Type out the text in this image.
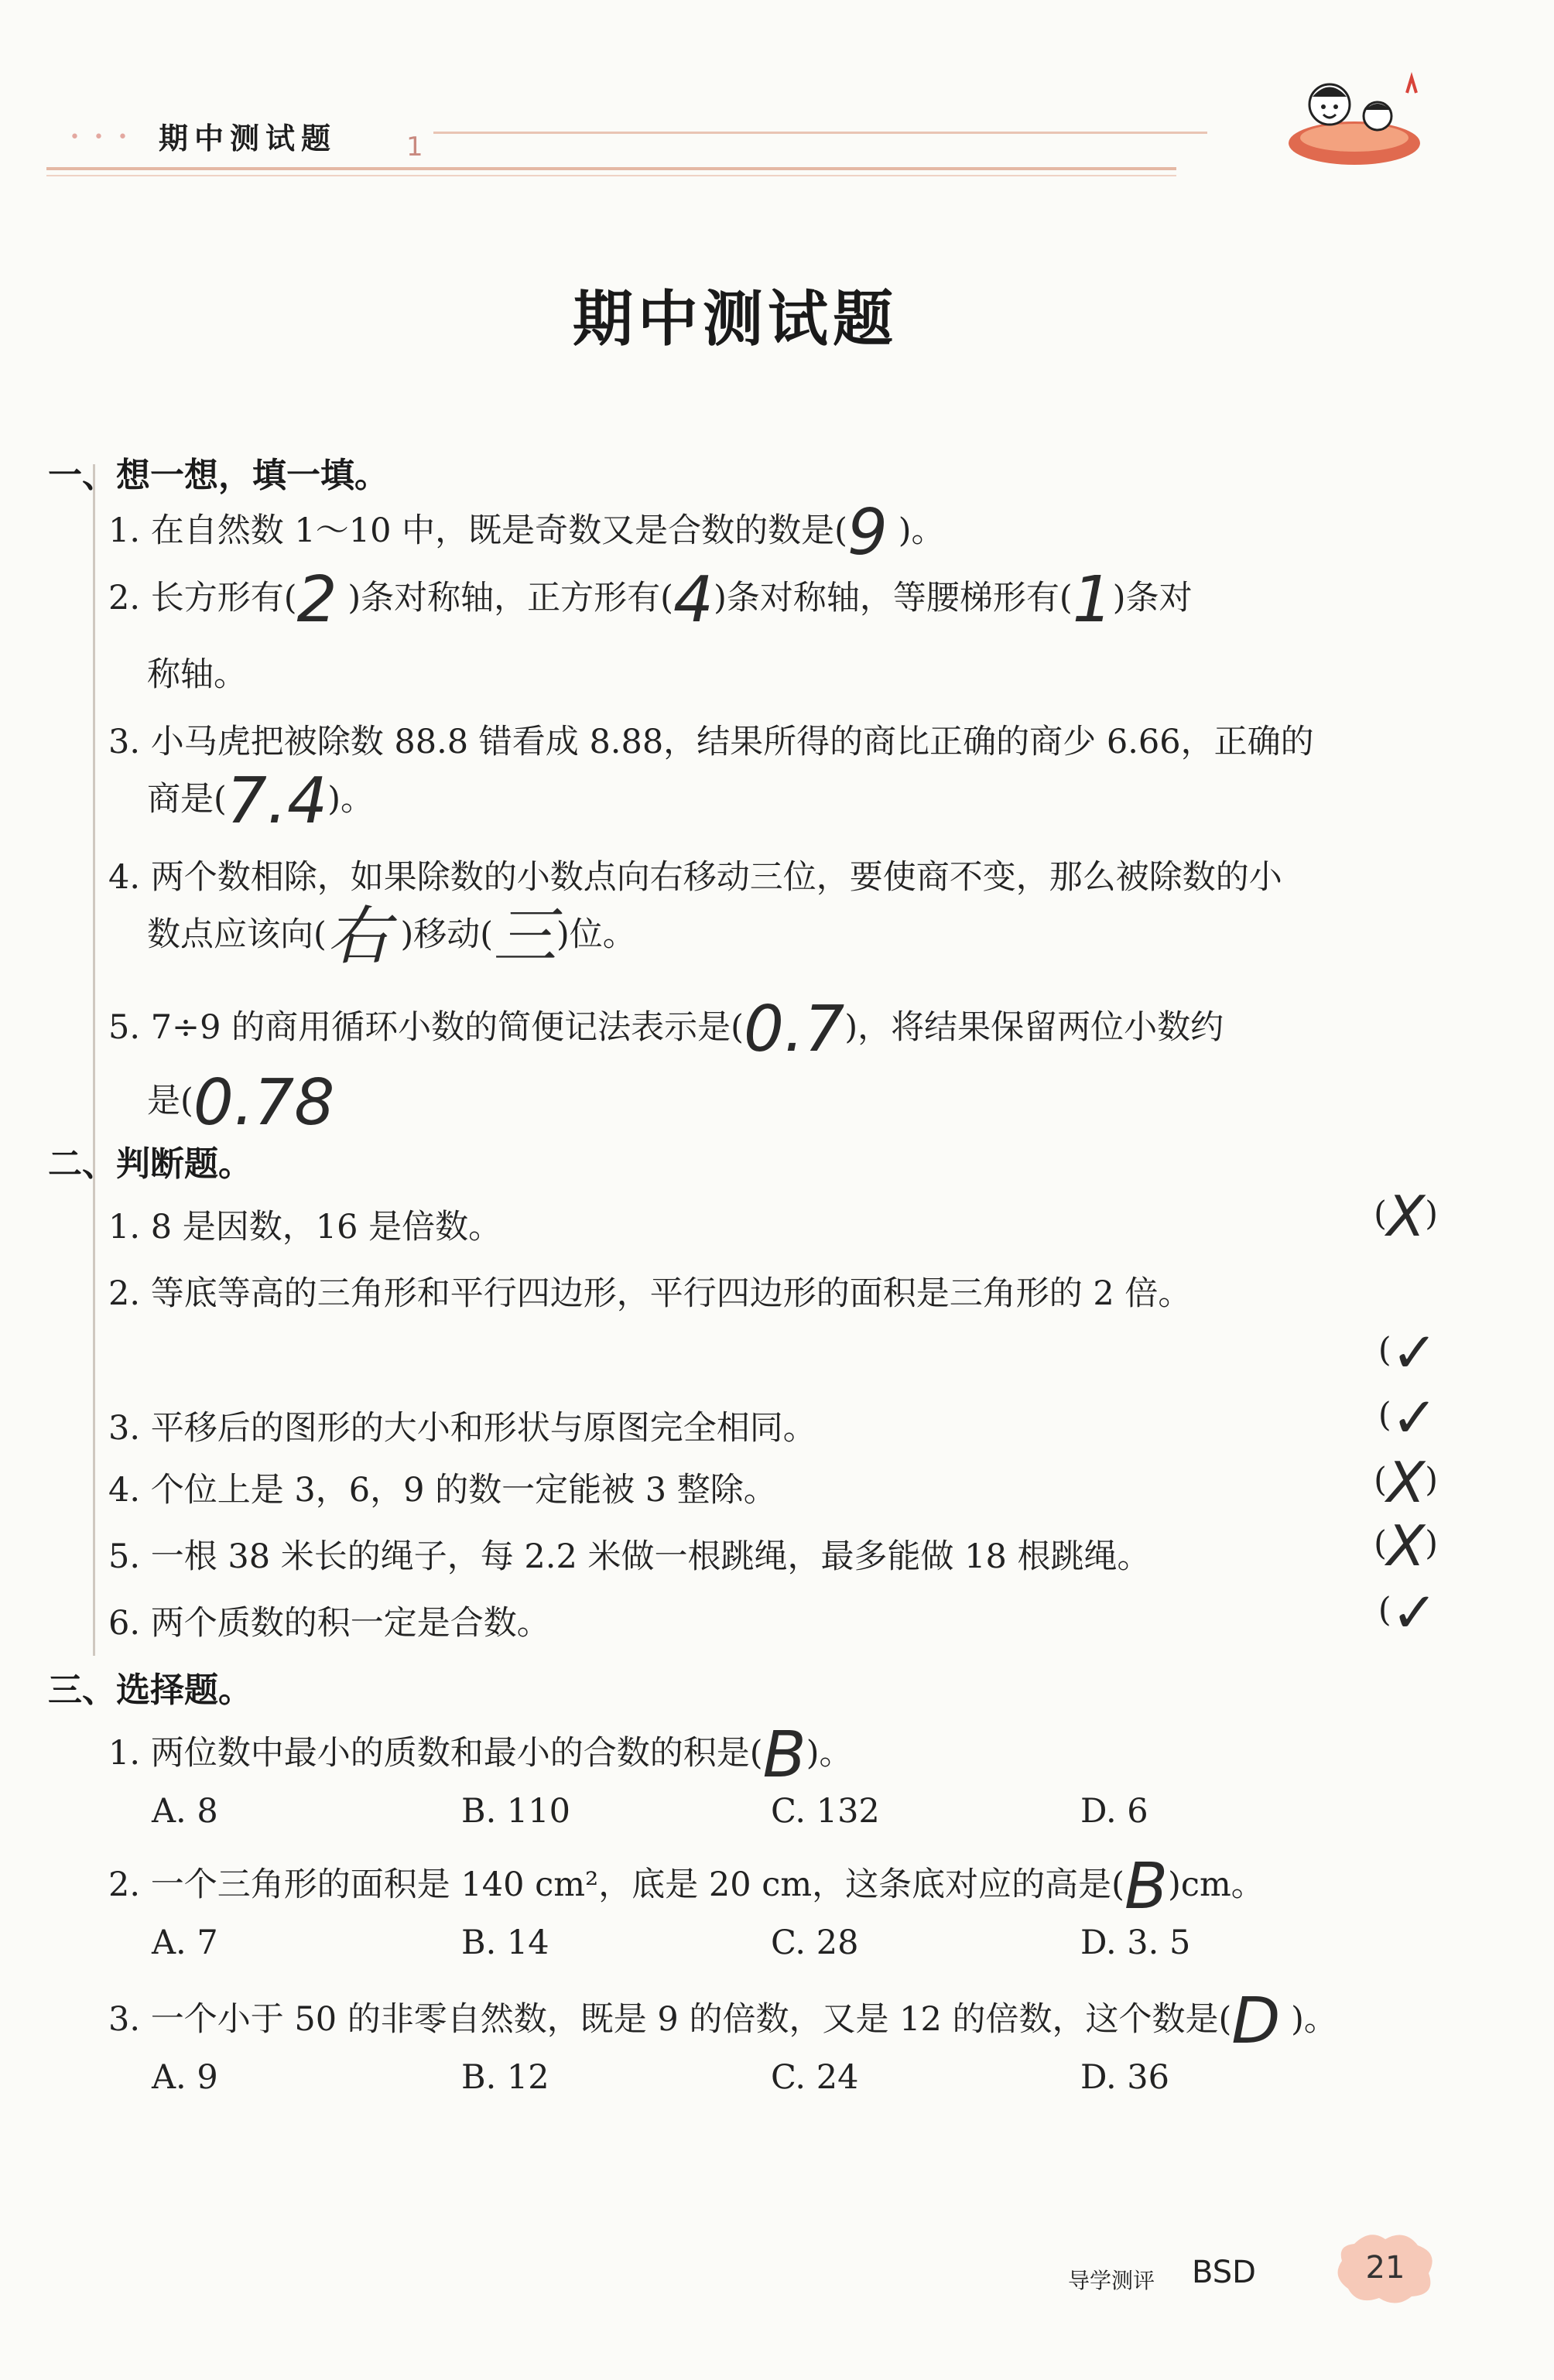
••• 期中测试题	1
期中测试题
一、想一想，填一填。
1. 在自然数 1～10 中，既是奇数又是合数的数是(9 )。
2. 长方形有(2 )条对称轴，正方形有(4)条对称轴，等腰梯形有(1)条对
称轴。
3. 小马虎把被除数 88.8 错看成 8.88，结果所得的商比正确的商少 6.66，正确的
商是(7.4)。
4. 两个数相除，如果除数的小数点向右移动三位，要使商不变，那么被除数的小
数点应该向(右 )移动(三)位。
5. 7÷9 的商用循环小数的简便记法表示是(0.7)，将结果保留两位小数约
是(0.78
二、判断题。
1. 8 是因数，16 是倍数。	(X)
2. 等底等高的三角形和平行四边形，平行四边形的面积是三角形的 2 倍。
(✓
3. 平移后的图形的大小和形状与原图完全相同。	(✓
4. 个位上是 3，6，9 的数一定能被 3 整除。	(X)
5. 一根 38 米长的绳子，每 2.2 米做一根跳绳，最多能做 18 根跳绳。	(X)
6. 两个质数的积一定是合数。	(✓
三、选择题。
1. 两位数中最小的质数和最小的合数的积是(B)。
A. 8	B. 110	C. 132	D. 6
2. 一个三角形的面积是 140 cm²，底是 20 cm，这条底对应的高是(B)cm。
A. 7	B. 14	C. 28	D. 3. 5
3. 一个小于 50 的非零自然数，既是 9 的倍数，又是 12 的倍数，这个数是(D )。
A. 9	B. 12	C. 24	D. 36
导学测评 BSD	21
